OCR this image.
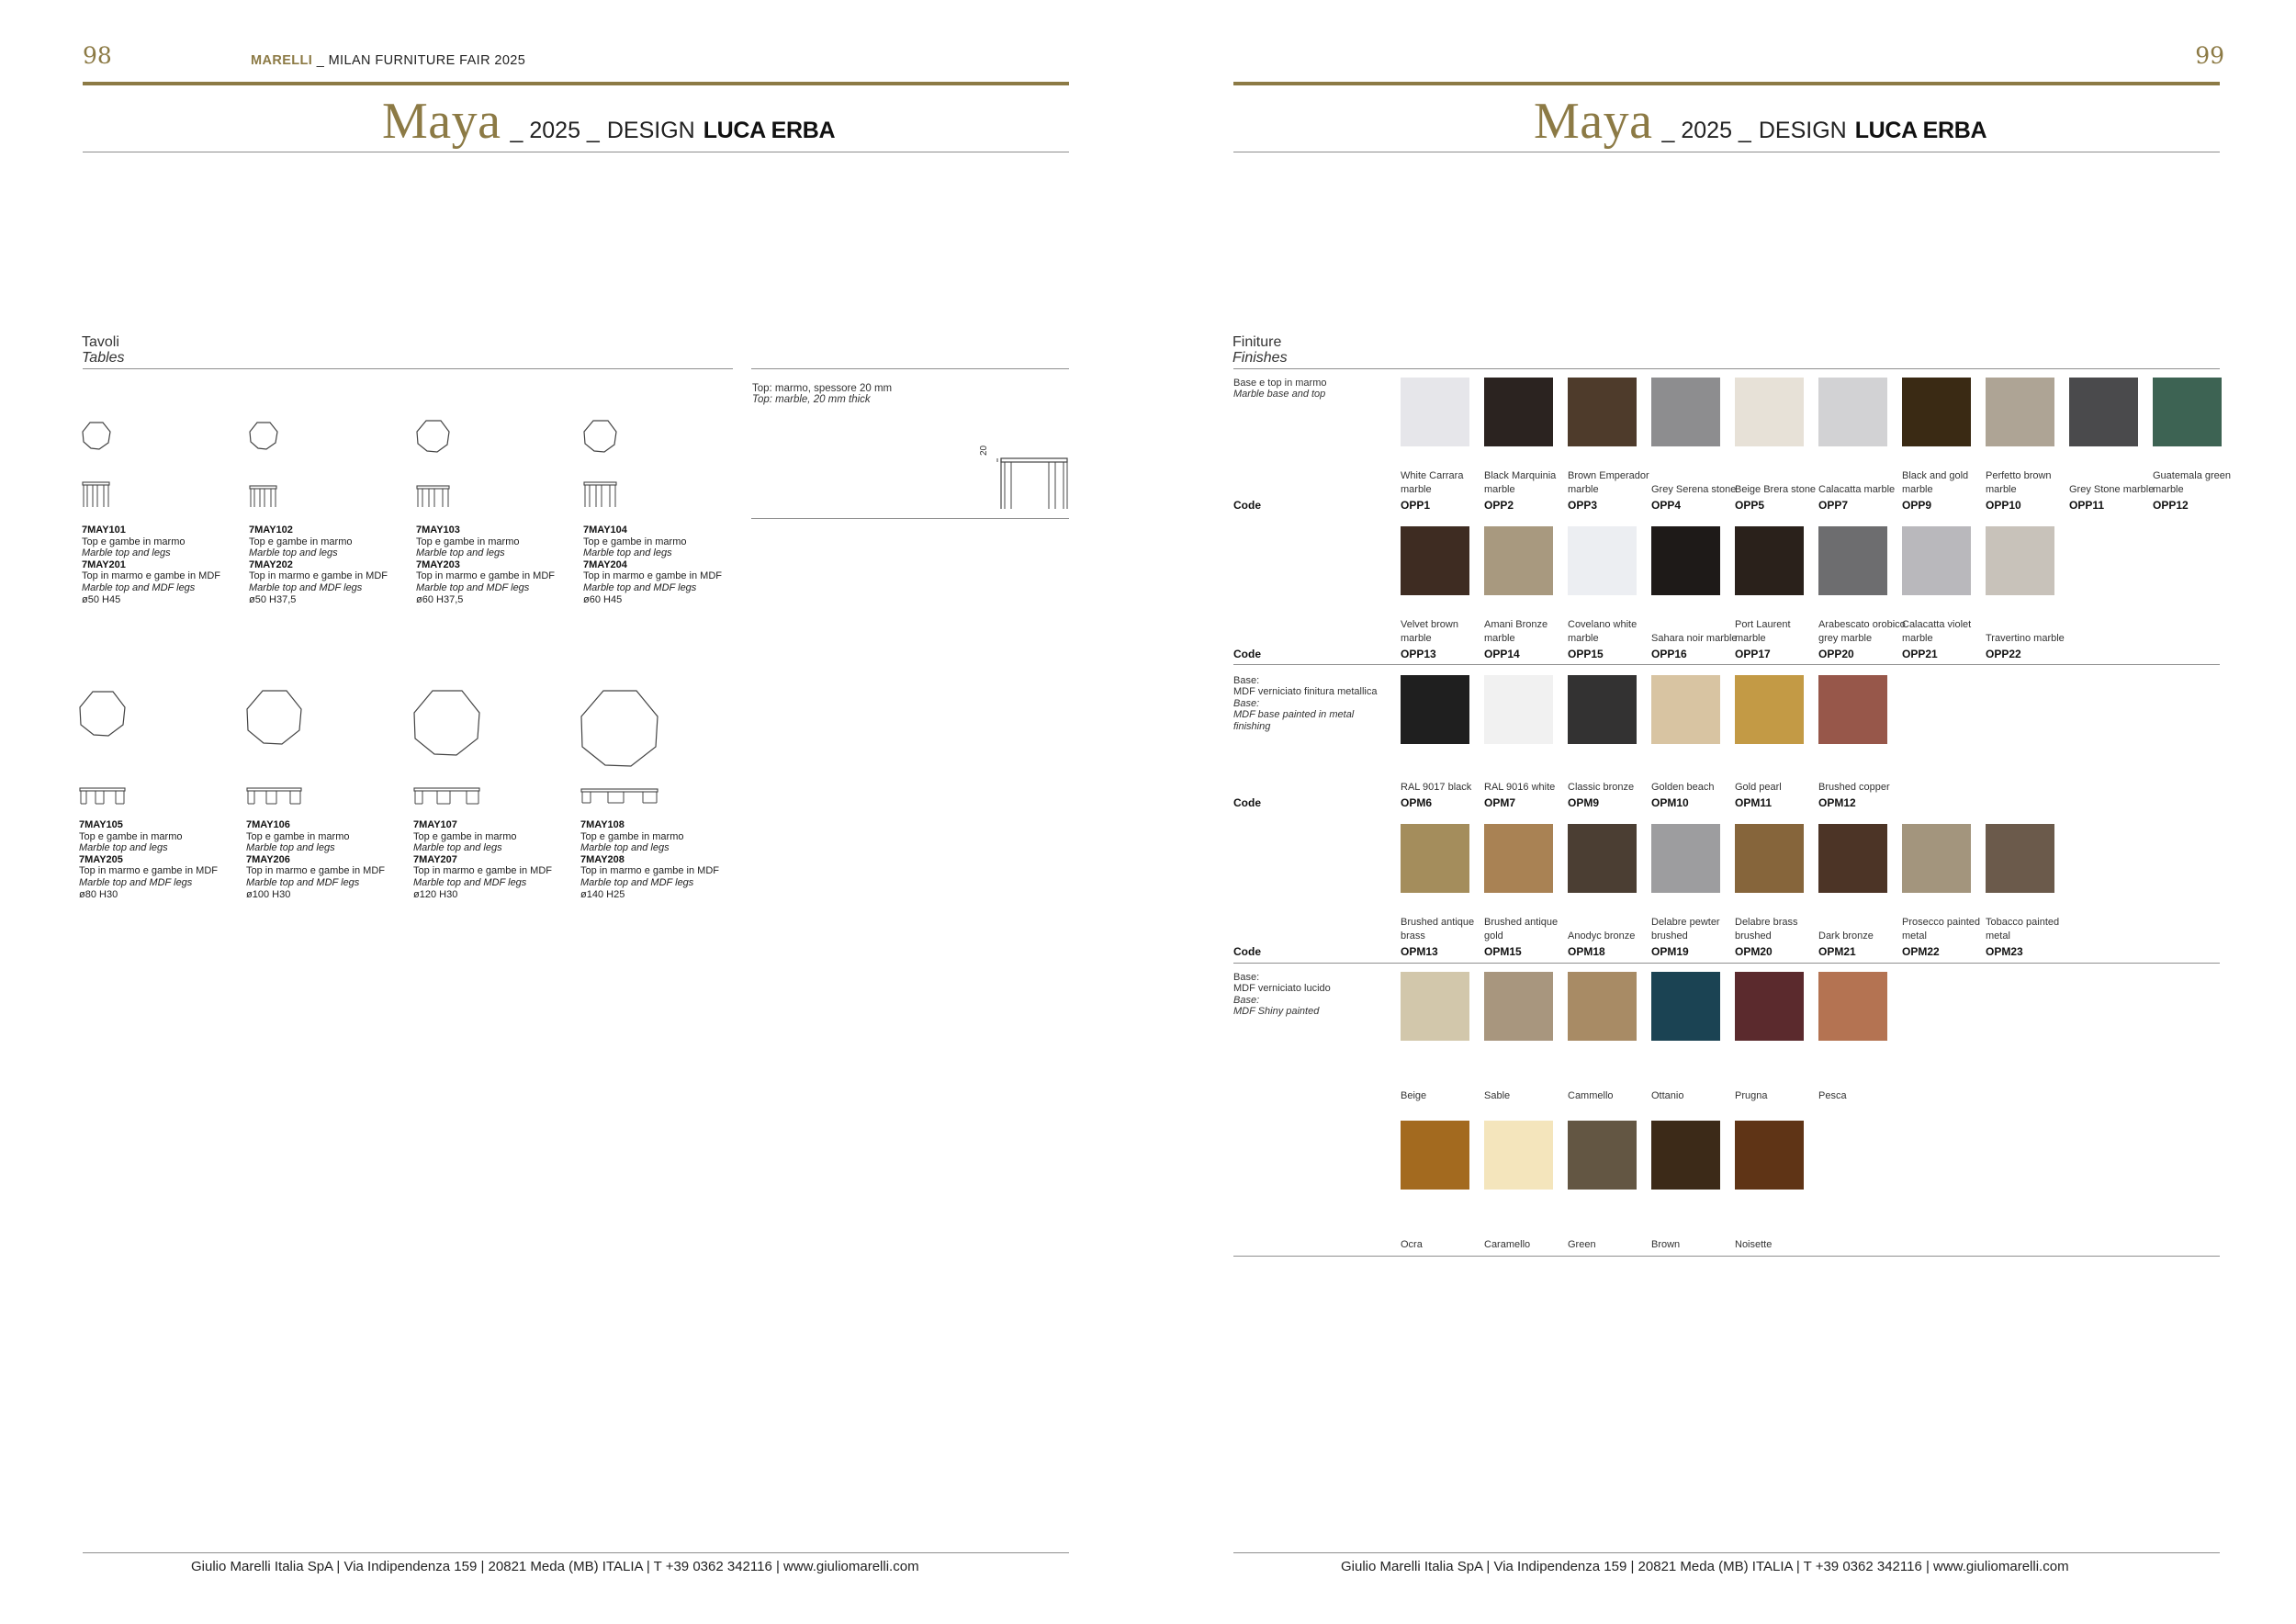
98	MARELLI _ MILAN FURNITURE FAIR 2025
Maya _ 2025 _ DESIGN LUCA ERBA
Tavoli
Tables
Top: marmo, spessore 20 mm
Top: marble, 20 mm thick
20
7MAY101
Top e gambe in marmo
Marble top and legs
7MAY201
Top in marmo e gambe in MDF
Marble top and MDF legs
ø50 H45
7MAY102
Top e gambe in marmo
Marble top and legs
7MAY202
Top in marmo e gambe in MDF
Marble top and MDF legs
ø50 H37,5
7MAY103
Top e gambe in marmo
Marble top and legs
7MAY203
Top in marmo e gambe in MDF
Marble top and MDF legs
ø60 H37,5
7MAY104
Top e gambe in marmo
Marble top and legs
7MAY204
Top in marmo e gambe in MDF
Marble top and MDF legs
ø60 H45
7MAY105
Top e gambe in marmo
Marble top and legs
7MAY205
Top in marmo e gambe in MDF
Marble top and MDF legs
ø80 H30
7MAY106
Top e gambe in marmo
Marble top and legs
7MAY206
Top in marmo e gambe in MDF
Marble top and MDF legs
ø100 H30
7MAY107
Top e gambe in marmo
Marble top and legs
7MAY207
Top in marmo e gambe in MDF
Marble top and MDF legs
ø120 H30
7MAY108
Top e gambe in marmo
Marble top and legs
7MAY208
Top in marmo e gambe in MDF
Marble top and MDF legs
ø140 H25
Giulio Marelli Italia SpA | Via Indipendenza 159 | 20821 Meda (MB) ITALIA | T +39 0362 342116 | www.giuliomarelli.com
99
Maya _ 2025 _ DESIGN LUCA ERBA
Finiture
Finishes
Giulio Marelli Italia SpA | Via Indipendenza 159 | 20821 Meda (MB) ITALIA | T +39 0362 342116 | www.giuliomarelli.com
Base e top in marmo
Marble base and top
Code
White Carrara marble
OPP1
Black Marquinia marble
OPP2
Brown Emperador marble
OPP3
Grey Serena stone
OPP4
Beige Brera stone
OPP5
Calacatta marble
OPP7
Black and gold marble
OPP9
Perfetto brown marble
OPP10
Grey Stone marble
OPP11
Guatemala green marble
OPP12
Code
Velvet brown marble
OPP13
Amani Bronze marble
OPP14
Covelano white marble
OPP15
Sahara noir marble
OPP16
Port Laurent marble
OPP17
Arabescato orobico grey marble
OPP20
Calacatta violet marble
OPP21
Travertino marble
OPP22
Base:
MDF verniciato finitura metallica
Base:
MDF base painted in metal finishing
Code
RAL 9017 black
OPM6
RAL 9016 white
OPM7
Classic bronze
OPM9
Golden beach
OPM10
Gold pearl
OPM11
Brushed copper
OPM12
Code
Brushed antique brass
OPM13
Brushed antique gold
OPM15
Anodyc bronze
OPM18
Delabre pewter brushed
OPM19
Delabre brass brushed
OPM20
Dark bronze
OPM21
Prosecco painted metal
OPM22
Tobacco painted metal
OPM23
Base:
MDF verniciato lucido
Base:
MDF Shiny painted
Beige	Sable	Cammello	Ottanio	Prugna	Pesca
Ocra	Caramello	Green	Brown	Noisette
